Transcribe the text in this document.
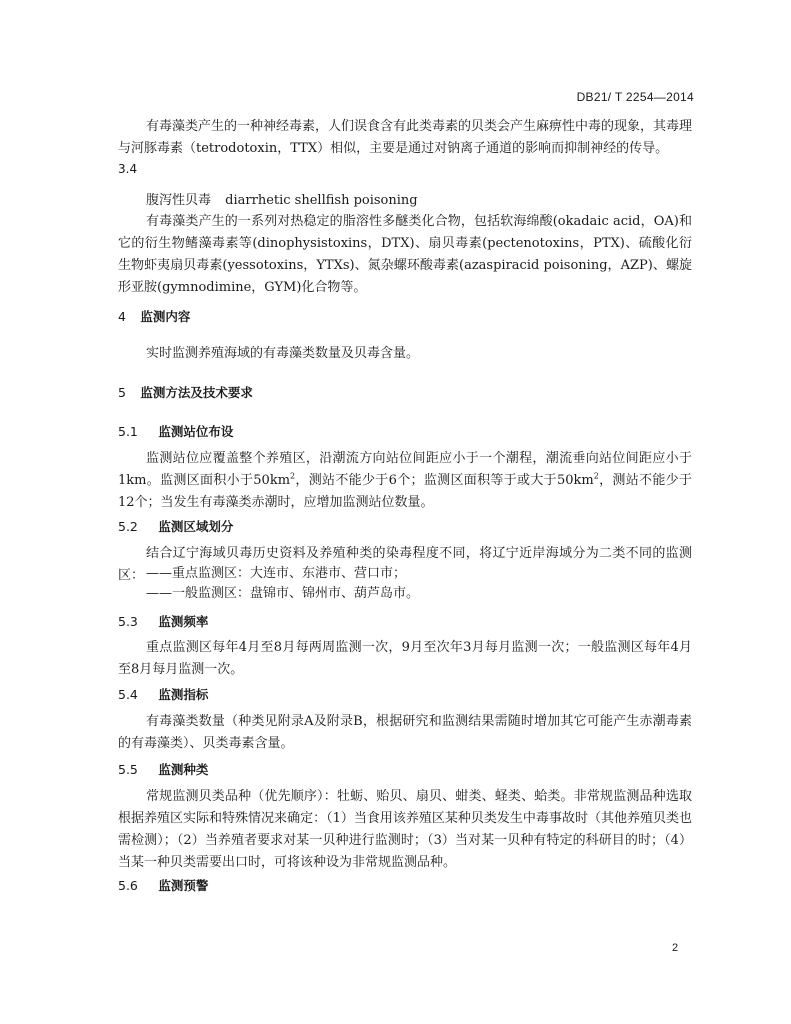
DB21/ T 2254—2014

有毒藻类产生的一种神经毒素，人们误食含有此类毒素的贝类会产生麻痹性中毒的现象，其毒理与河豚毒素（tetrodotoxin，TTX）相似，主要是通过对钠离子通道的影响而抑制神经的传导。

3.4
腹泻性贝毒 diarrhetic shellfish poisoning

有毒藻类产生的一系列对热稳定的脂溶性多醚类化合物，包括软海绵酸(okadaic acid，OA)和它的衍生物鳍藻毒素等(dinophysistoxins，DTX)、扇贝毒素(pectenotoxins，PTX)、硫酸化衍生物虾夷扇贝毒素(yessotoxins，YTXs)、氮杂螺环酸毒素(azaspiracid poisoning，AZP)、螺旋形亚胺(gymnodimine，GYM)化合物等。

4 监测内容

实时监测养殖海域的有毒藻类数量及贝毒含量。

5 监测方法及技术要求
5.1 监测站位布设

监测站位应覆盖整个养殖区，沿潮流方向站位间距应小于一个潮程，潮流垂向站位间距应小于1km。监测区面积小于$50km^2$，测站不能少于6个；监测区面积等于或大于$50km^2$，测站不能少于12个；当发生有毒藻类赤潮时，应增加监测站位数量。

5.2 监测区域划分

结合辽宁海域贝毒历史资料及养殖种类的染毒程度不同，将辽宁近岸海域分为二类不同的监测区： ——重点监测区：大连市、东港市、营口市；
——一般监测区：盘锦市、锦州市、葫芦岛市。
5.3 监测频率

重点监测区每年4月至8月每两周监测一次，9月至次年3月每月监测一次；一般监测区每年4月至8月每月监测一次。

5.4 监测指标

有毒藻类数量（种类见附录A及附录B，根据研究和监测结果需随时增加其它可能产生赤潮毒素的有毒藻类）、贝类毒素含量。

5.5 监测种类

常规监测贝类品种（优先顺序）：牡蛎、贻贝、扇贝、蚶类、蛏类、蛤类。非常规监测品种选取根据养殖区实际和特殊情况来确定：（1）当食用该养殖区某种贝类发生中毒事故时（其他养殖贝类也需检测）；（2）当养殖者要求对某一贝种进行监测时；（3）当对某一贝种有特定的科研目的时；（4）当某一种贝类需要出口时，可将该种设为非常规监测品种。

5.6 监测预警
2
